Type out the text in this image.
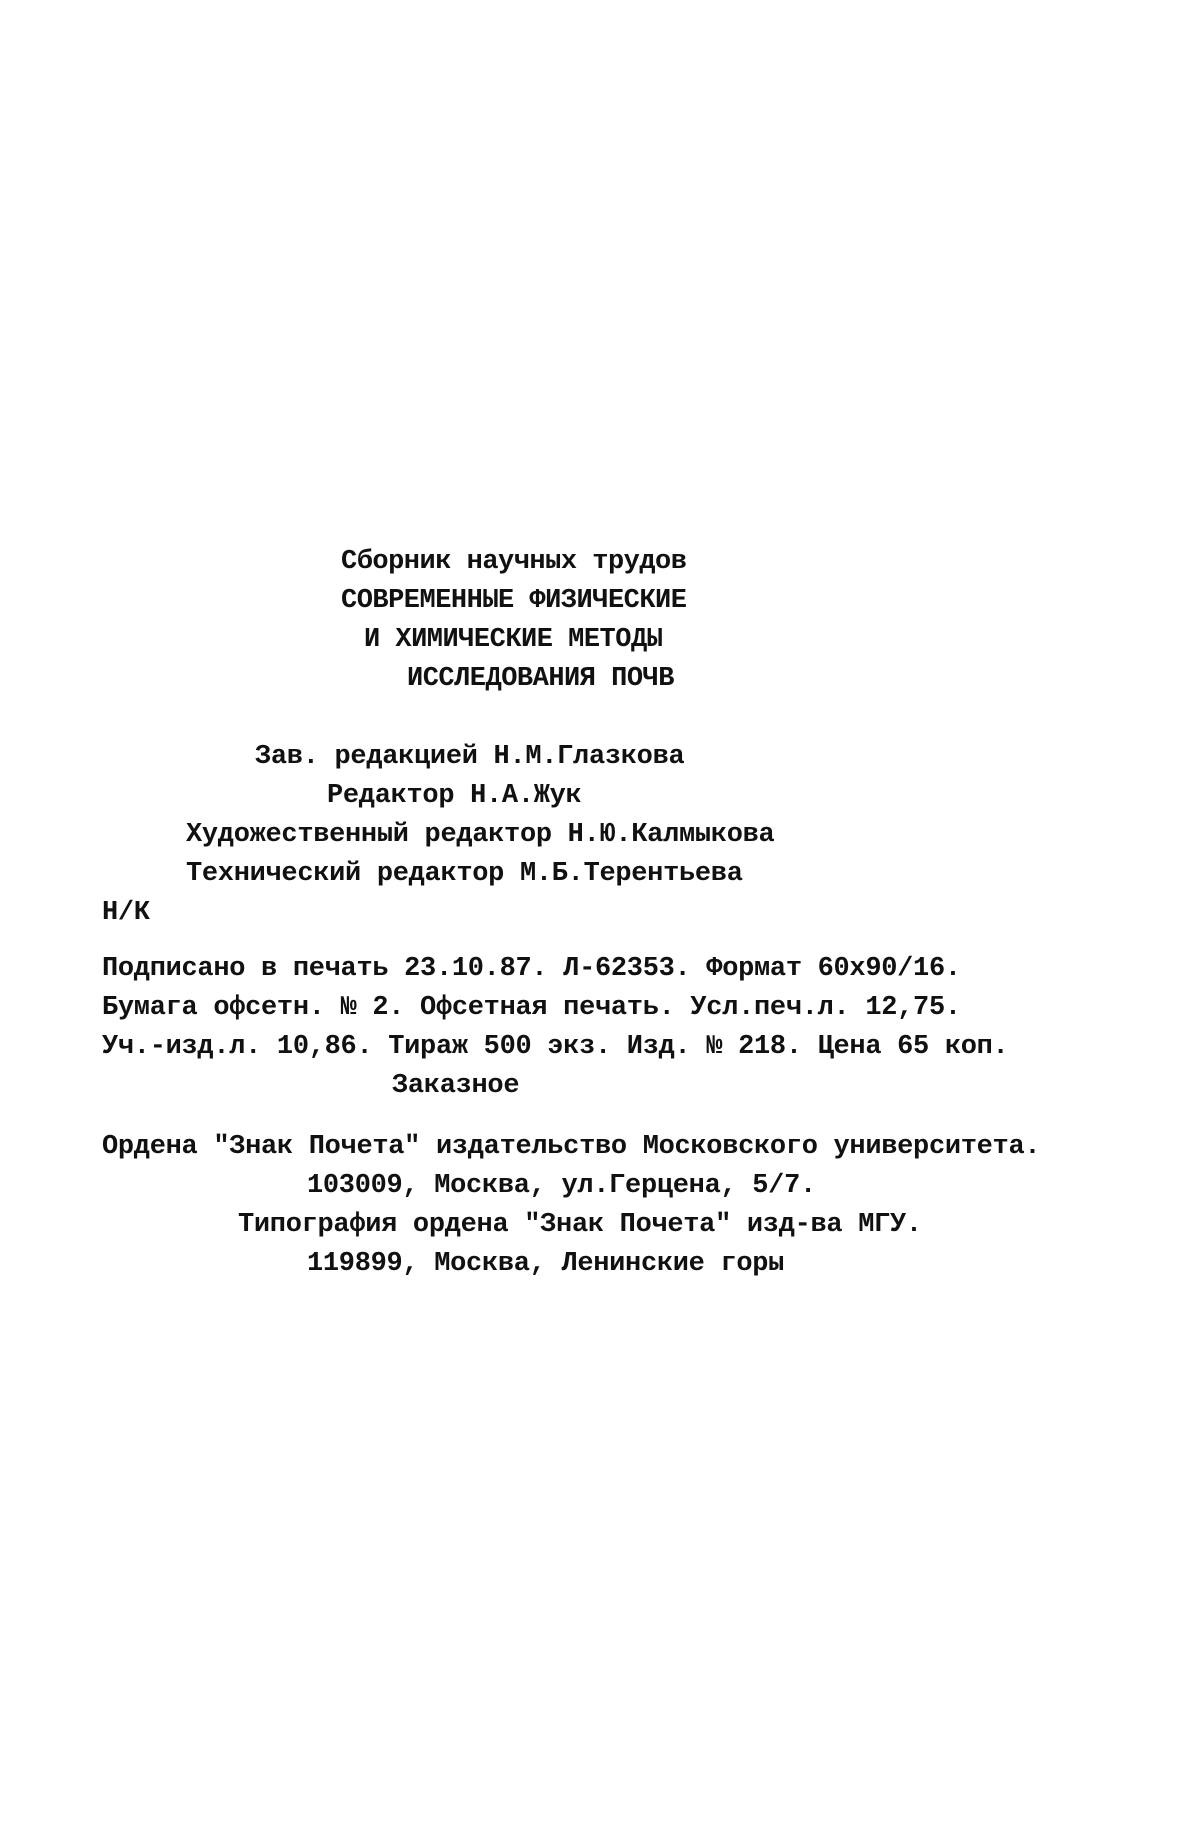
Сборник научных трудов
СОВРЕМЕННЫЕ ФИЗИЧЕСКИЕ
И ХИМИЧЕСКИЕ МЕТОДЫ
ИССЛЕДОВАНИЯ ПОЧВ
Зав. редакцией Н.М.Глазкова
Редактор Н.А.Жук
Художественный редактор Н.Ю.Калмыкова
Технический редактор М.Б.Терентьева
Н/К
Подписано в печать 23.10.87. Л-62353. Формат 60х90/16.
Бумага офсетн. № 2. Офсетная печать. Усл.печ.л. 12,75.
Уч.-изд.л. 10,86. Тираж 500 экз. Изд. № 218. Цена 65 коп.
Заказное
Ордена "Знак Почета" издательство Московского университета.
103009, Москва, ул.Герцена, 5/7.
Типография ордена "Знак Почета" изд-ва МГУ.
119899, Москва, Ленинские горы
